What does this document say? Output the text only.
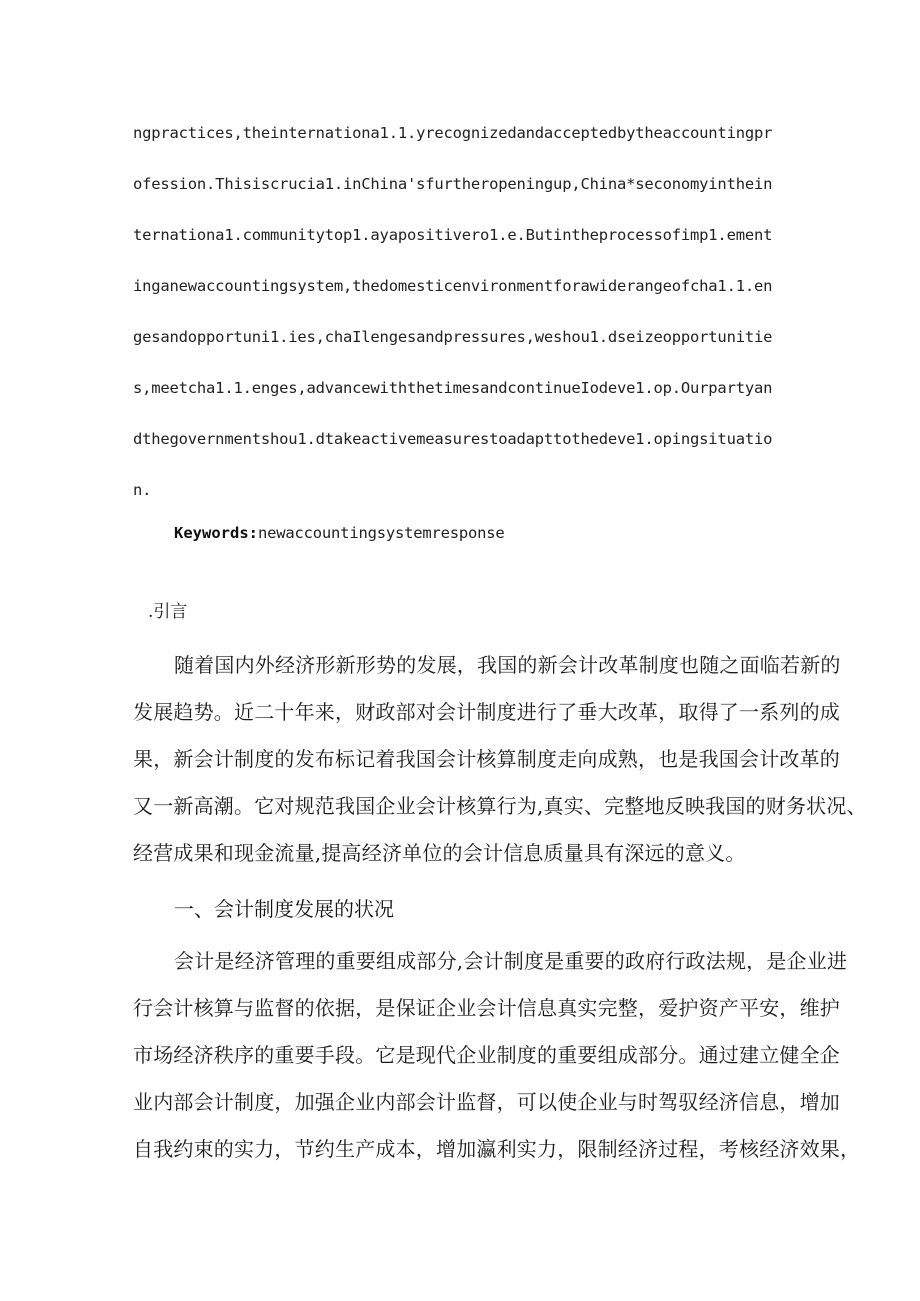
ngpractices,theinternationa1.1.yrecognizedandacceptedbytheaccountingpr
ofession.Thisiscrucia1.inChina'sfurtheropeningup,China*seconomyinthein
ternationa1.communitytop1.ayapositivero1.e.Butintheprocessofimp1.ement
inganewaccountingsystem,thedomesticenvironmentforawiderangeofcha1.1.en
gesandopportuni1.ies,chaIlengesandpressures,weshou1.dseizeopportunitie
s,meetcha1.1.enges,advancewiththetimesandcontinueIodeve1.op.Ourpartyan
dthegovernmentshou1.dtakeactivemeasurestoadapttothedeve1.opingsituatio
n.
Keywords:newaccountingsystemresponse
.引言
随着国内外经济形新形势的发展，我国的新会计改革制度也随之面临若新的
发展趋势。近二十年来，财政部对会计制度进行了垂大改革，取得了一系列的成
果，新会计制度的发布标记着我国会计核算制度走向成熟，也是我国会计改革的
又一新高潮。它对规范我国企业会计核算行为,真实、完整地反映我国的财务状况、
经营成果和现金流量,提高经济单位的会计信息质量具有深远的意义。
一、会计制度发展的状况
会计是经济管理的重要组成部分,会计制度是重要的政府行政法规，是企业进
行会计核算与监督的依据，是保证企业会计信息真实完整，爱护资产平安，维护
市场经济秩序的重要手段。它是现代企业制度的重要组成部分。通过建立健全企
业内部会计制度，加强企业内部会计监督，可以使企业与时驾驭经济信息，增加
自我约束的实力，节约生产成本，增加瀛利实力，限制经济过程，考核经济效果，
